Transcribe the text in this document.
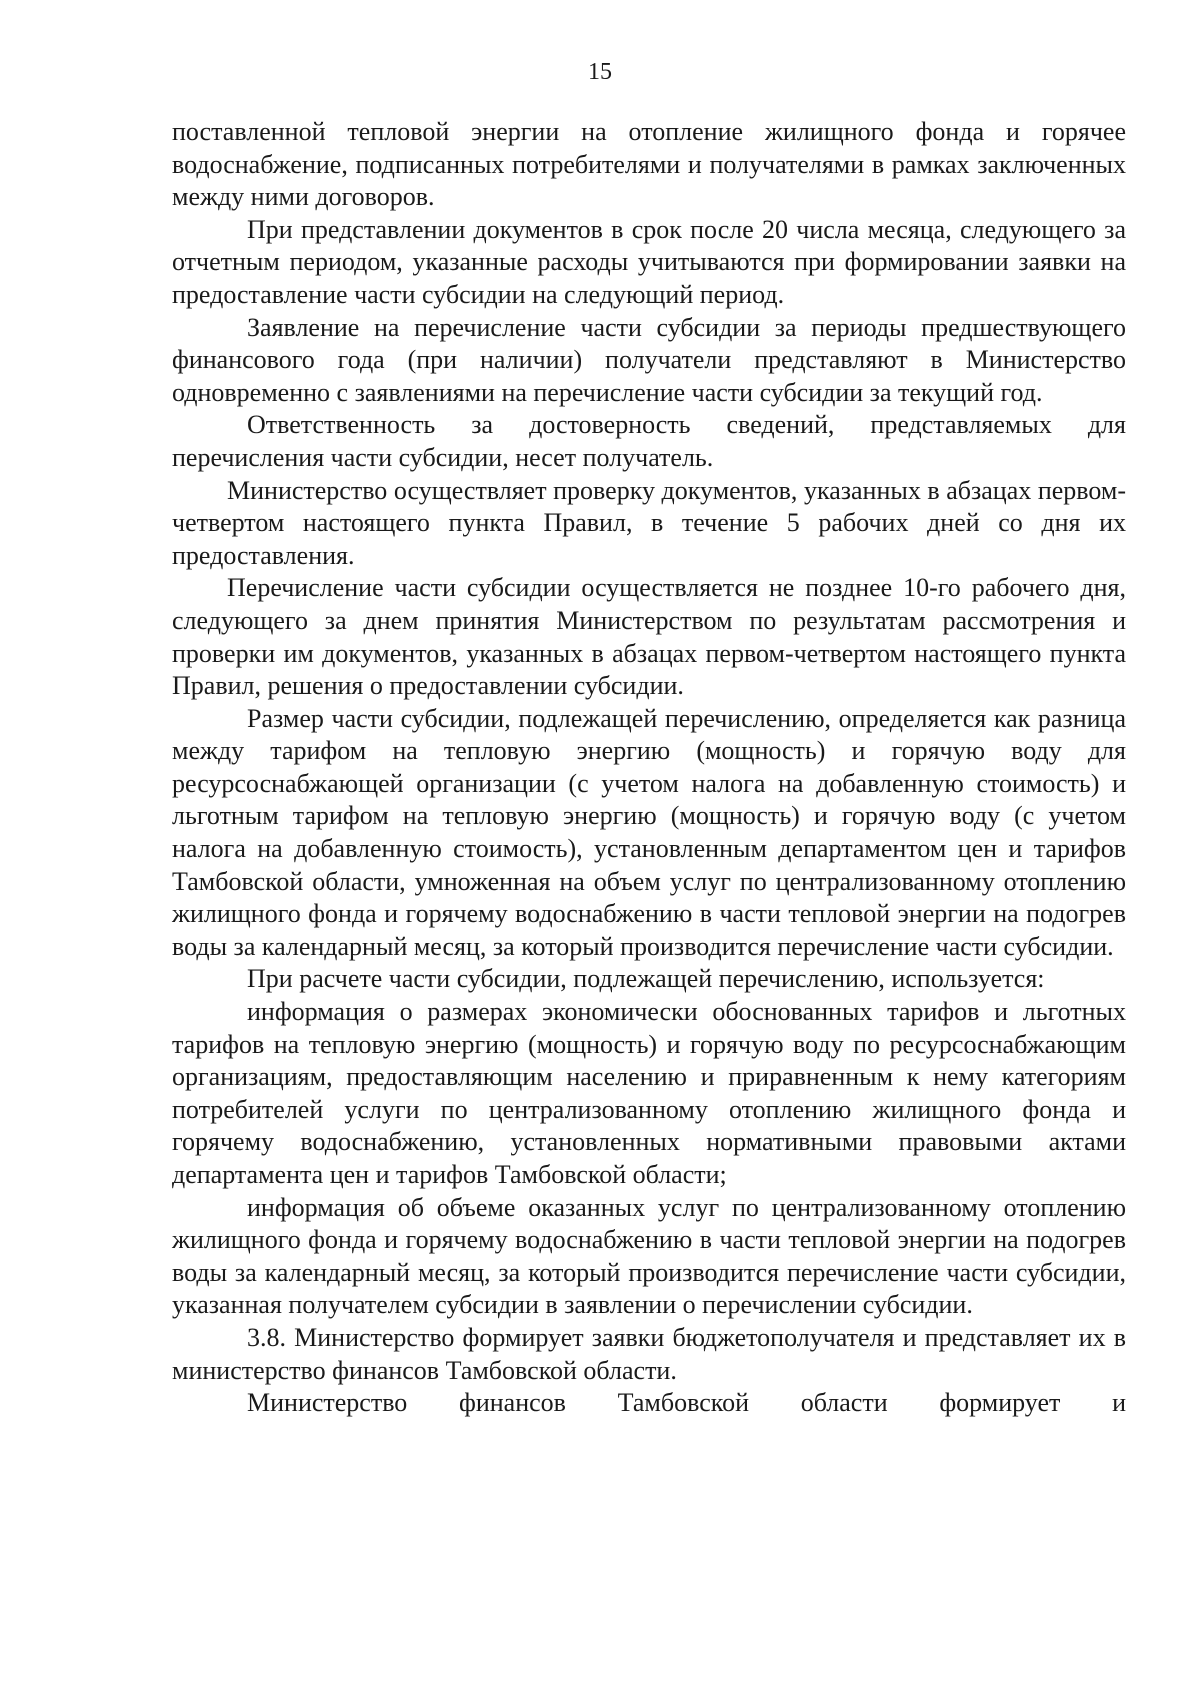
15

поставленной тепловой энергии на отопление жилищного фонда и горячее водоснабжение, подписанных потребителями и получателями в рамках заключенных между ними договоров.

При представлении документов в срок после 20 числа месяца, следующего за отчетным периодом, указанные расходы учитываются при формировании заявки на предоставление части субсидии на следующий период.

Заявление на перечисление части субсидии за периоды предшествующего финансового года (при наличии) получатели представляют в Министерство одновременно с заявлениями на перечисление части субсидии за текущий год.

Ответственность за достоверность сведений, представляемых для перечисления части субсидии, несет получатель.

Министерство осуществляет проверку документов, указанных в абзацах первом-четвертом настоящего пункта Правил, в течение 5 рабочих дней со дня их предоставления.

Перечисление части субсидии осуществляется не позднее 10-го рабочего дня, следующего за днем принятия Министерством по результатам рассмотрения и проверки им документов, указанных в абзацах первом-четвертом настоящего пункта Правил, решения о предоставлении субсидии.

Размер части субсидии, подлежащей перечислению, определяется как разница между тарифом на тепловую энергию (мощность) и горячую воду для ресурсоснабжающей организации (с учетом налога на добавленную стоимость) и льготным тарифом на тепловую энергию (мощность) и горячую воду (с учетом налога на добавленную стоимость), установленным департаментом цен и тарифов Тамбовской области, умноженная на объем услуг по централизованному отоплению жилищного фонда и горячему водоснабжению в части тепловой энергии на подогрев воды за календарный месяц, за который производится перечисление части субсидии.

При расчете части субсидии, подлежащей перечислению, используется:

информация о размерах экономически обоснованных тарифов и льготных тарифов на тепловую энергию (мощность) и горячую воду по ресурсоснабжающим организациям, предоставляющим населению и приравненным к нему категориям потребителей услуги по централизованному отоплению жилищного фонда и горячему водоснабжению, установленных нормативными правовыми актами департамента цен и тарифов Тамбовской области;

информация об объеме оказанных услуг по централизованному отоплению жилищного фонда и горячему водоснабжению в части тепловой энергии на подогрев воды за календарный месяц, за который производится перечисление части субсидии, указанная получателем субсидии в заявлении о перечислении субсидии.

3.8. Министерство формирует заявки бюджетополучателя и представляет их в министерство финансов Тамбовской области.

Министерство финансов Тамбовской области формирует и
